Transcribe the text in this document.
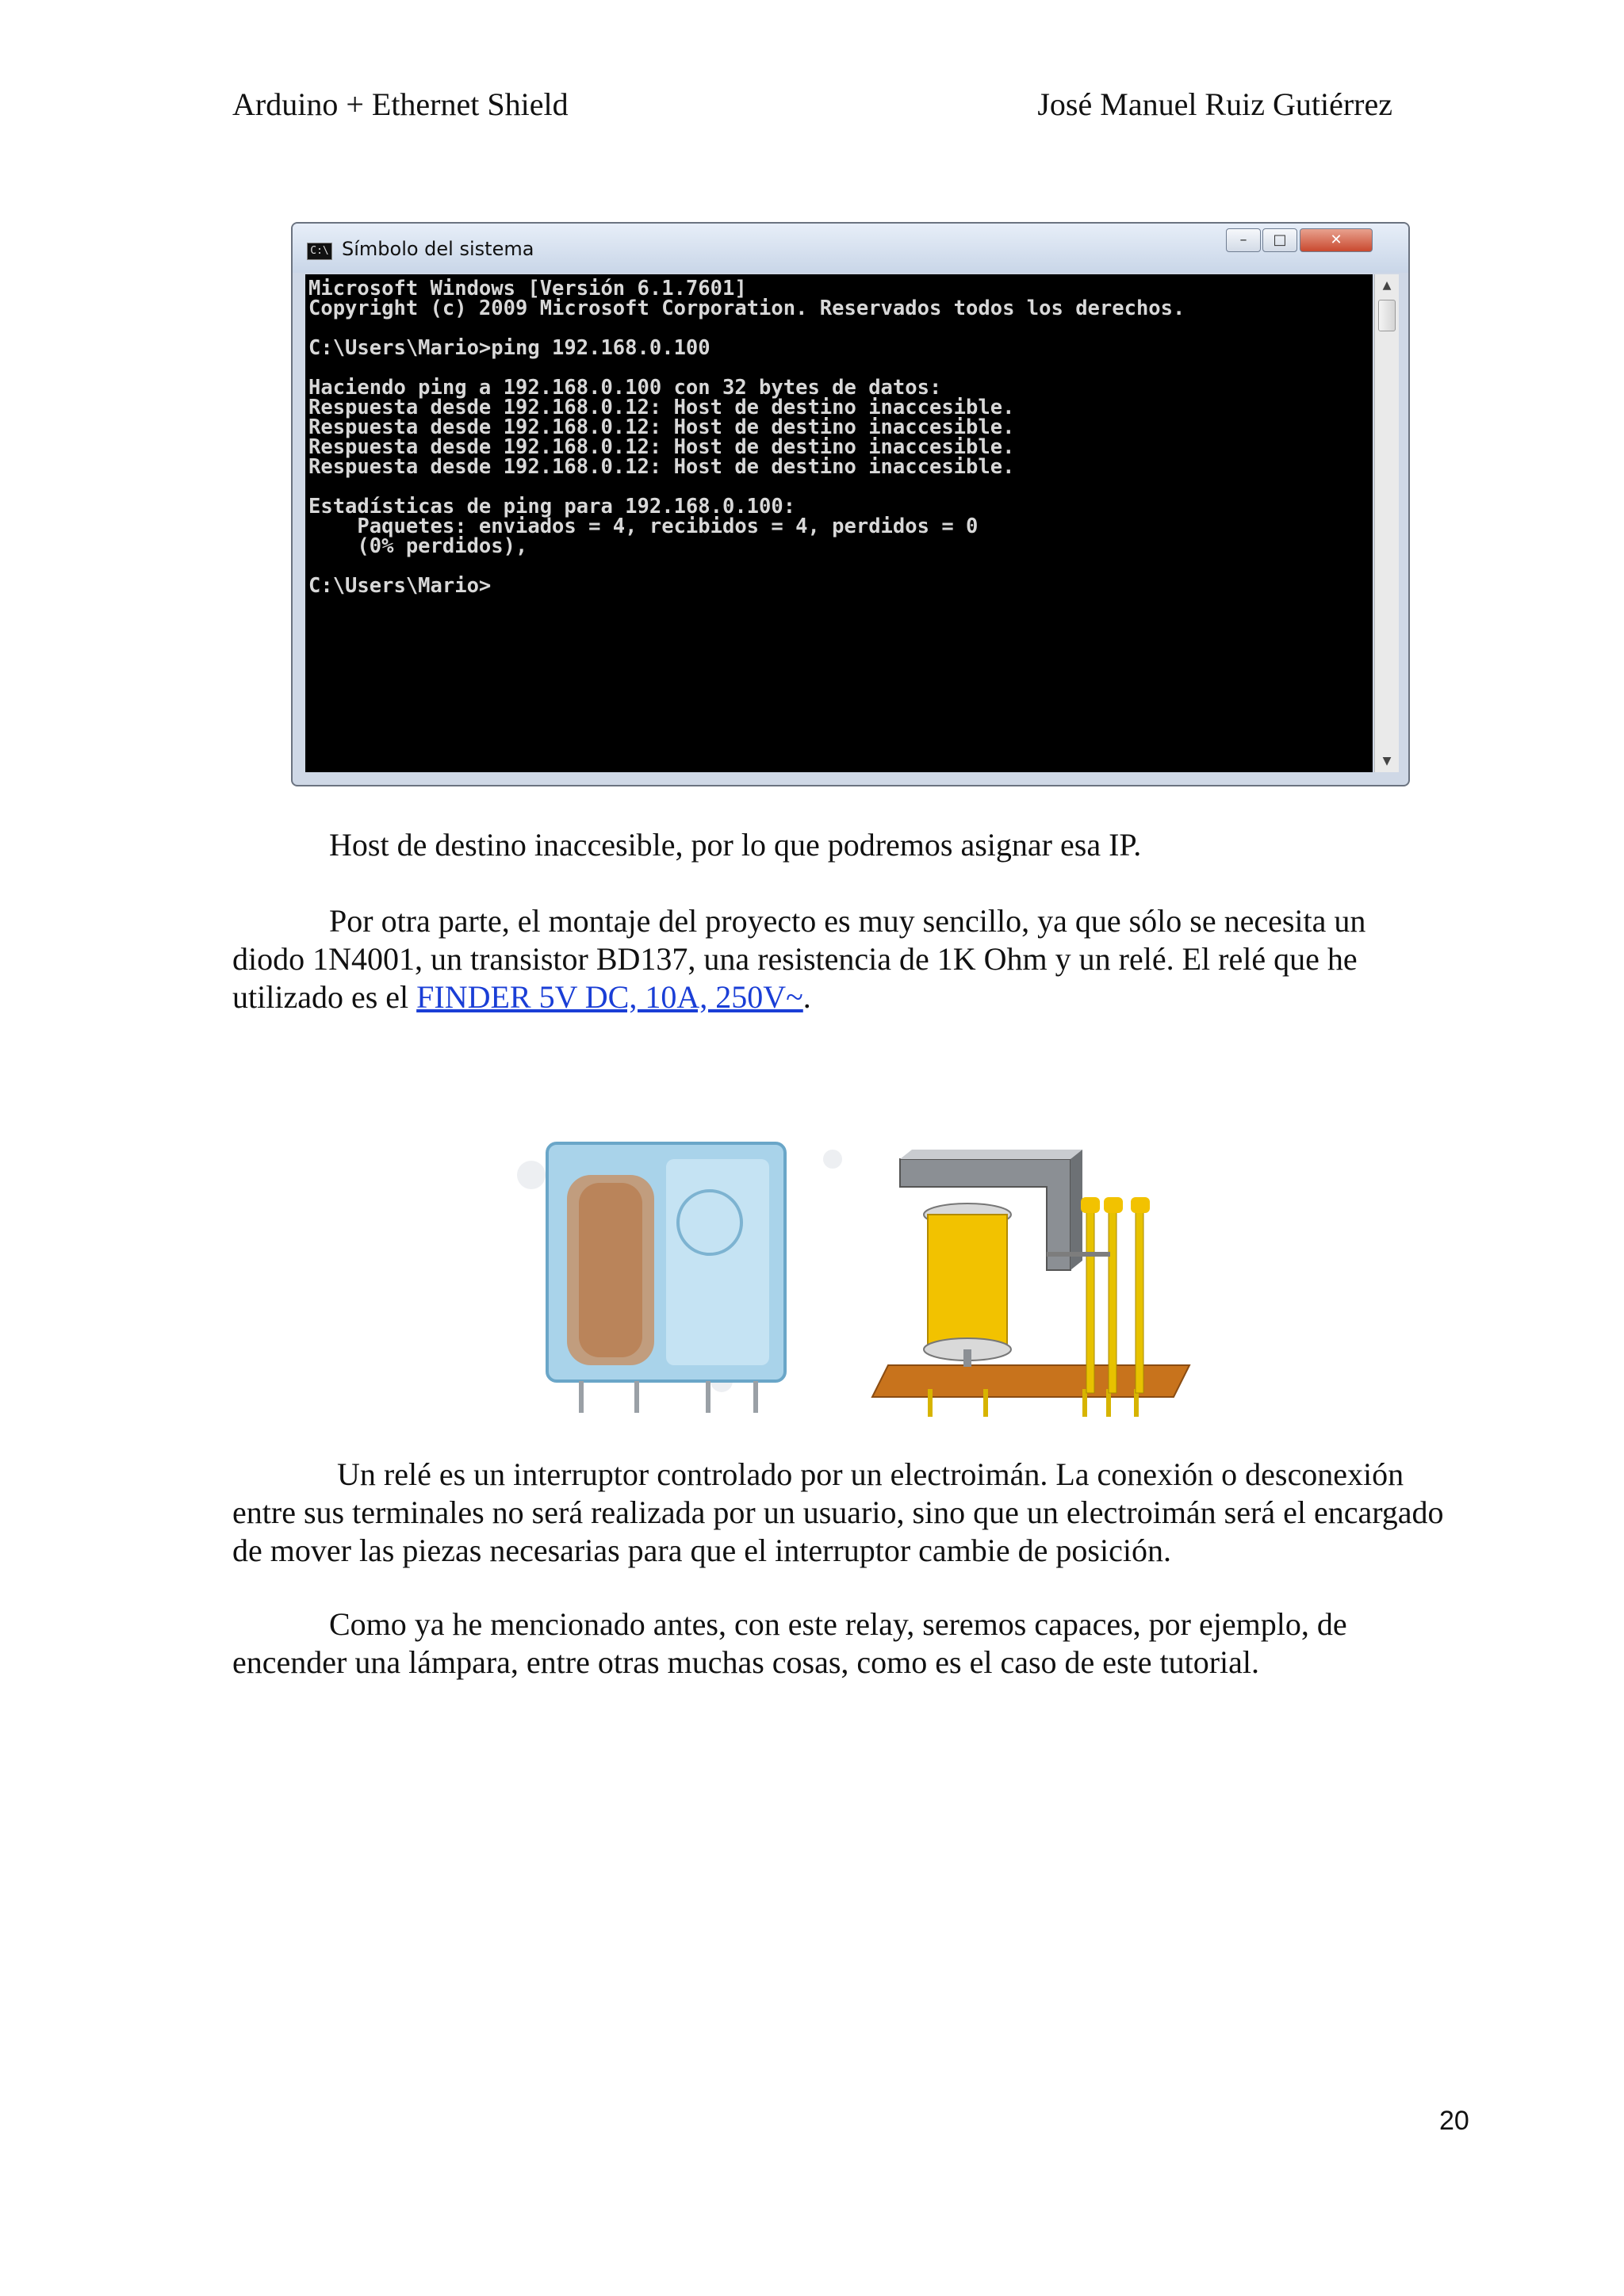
Arduino + Ethernet Shield	José Manuel Ruiz Gutiérrez
C:\ Símbolo del sistema	–	□	✕
Microsoft Windows [Versión 6.1.7601]
Copyright (c) 2009 Microsoft Corporation. Reservados todos los derechos.

C:\Users\Mario>ping 192.168.0.100

Haciendo ping a 192.168.0.100 con 32 bytes de datos:
Respuesta desde 192.168.0.12: Host de destino inaccesible.
Respuesta desde 192.168.0.12: Host de destino inaccesible.
Respuesta desde 192.168.0.12: Host de destino inaccesible.
Respuesta desde 192.168.0.12: Host de destino inaccesible.

Estadísticas de ping para 192.168.0.100:
Paquetes: enviados = 4, recibidos = 4, perdidos = 0
(0% perdidos),

C:\Users\Mario>
▲
▼

Host de destino inaccesible, por lo que podremos asignar esa IP.

Por otra parte, el montaje del proyecto es muy sencillo, ya que sólo se necesita un diodo 1N4001, un transistor BD137, una resistencia de 1K Ohm y un relé. El relé que he utilizado es el FINDER 5V DC, 10A, 250V~.

Un relé es un interruptor controlado por un electroimán. La conexión o desconexión entre sus terminales no será realizada por un usuario, sino que un electroimán será el encargado de mover las piezas necesarias para que el interruptor cambie de posición.

Como ya he mencionado antes, con este relay, seremos capaces, por ejemplo, de encender una lámpara, entre otras muchas cosas, como es el caso de este tutorial.

20
